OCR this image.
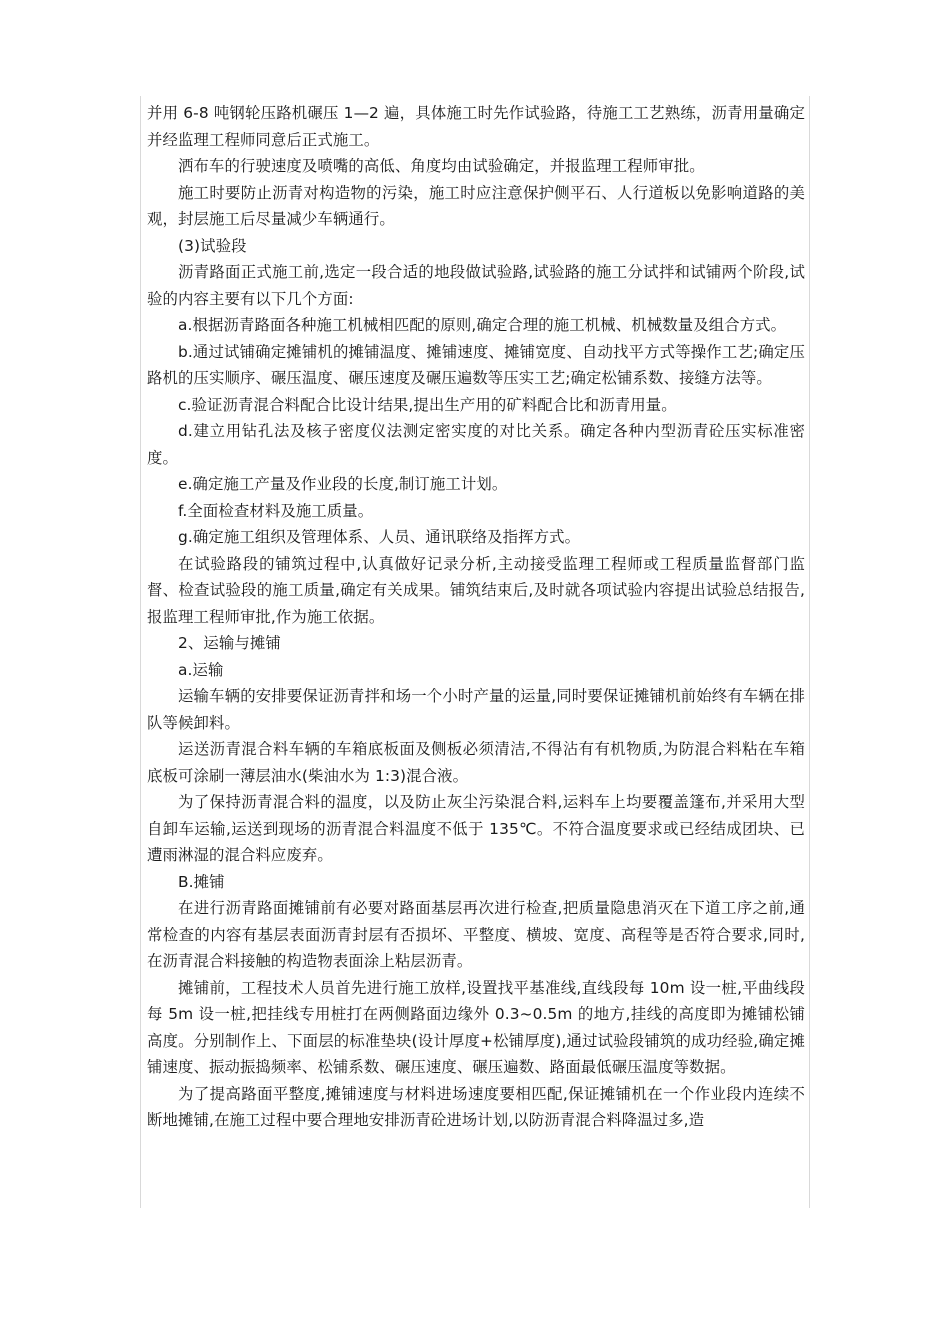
并用 6-8 吨钢轮压路机碾压 1—2 遍，具体施工时先作试验路，待施工工艺熟练，沥青用量确定并经监理工程师同意后正式施工。

洒布车的行驶速度及喷嘴的高低、角度均由试验确定，并报监理工程师审批。

施工时要防止沥青对构造物的污染，施工时应注意保护侧平石、人行道板以免影响道路的美观，封层施工后尽量减少车辆通行。

(3)试验段

沥青路面正式施工前,选定一段合适的地段做试验路,试验路的施工分试拌和试铺两个阶段,试验的内容主要有以下几个方面:

a.根据沥青路面各种施工机械相匹配的原则,确定合理的施工机械、机械数量及组合方式。

b.通过试铺确定摊铺机的摊铺温度、摊铺速度、摊铺宽度、自动找平方式等操作工艺;确定压路机的压实顺序、碾压温度、碾压速度及碾压遍数等压实工艺;确定松铺系数、接缝方法等。

c.验证沥青混合料配合比设计结果,提出生产用的矿料配合比和沥青用量。

d.建立用钻孔法及核子密度仪法测定密实度的对比关系。确定各种内型沥青砼压实标准密度。

e.确定施工产量及作业段的长度,制订施工计划。

f.全面检查材料及施工质量。

g.确定施工组织及管理体系、人员、通讯联络及指挥方式。

在试验路段的铺筑过程中,认真做好记录分析,主动接受监理工程师或工程质量监督部门监督、检查试验段的施工质量,确定有关成果。铺筑结束后,及时就各项试验内容提出试验总结报告,报监理工程师审批,作为施工依据。

2、运输与摊铺

a.运输

运输车辆的安排要保证沥青拌和场一个小时产量的运量,同时要保证摊铺机前始终有车辆在排队等候卸料。

运送沥青混合料车辆的车箱底板面及侧板必须清洁,不得沾有有机物质,为防混合料粘在车箱底板可涂刷一薄层油水(柴油水为 1:3)混合液。

为了保持沥青混合料的温度，以及防止灰尘污染混合料,运料车上均要覆盖篷布,并采用大型自卸车运输,运送到现场的沥青混合料温度不低于 135℃。不符合温度要求或已经结成团块、已遭雨淋湿的混合料应废弃。

B.摊铺

在进行沥青路面摊铺前有必要对路面基层再次进行检查,把质量隐患消灭在下道工序之前,通常检查的内容有基层表面沥青封层有否损坏、平整度、横坡、宽度、高程等是否符合要求,同时,在沥青混合料接触的构造物表面涂上粘层沥青。

摊铺前，工程技术人员首先进行施工放样,设置找平基准线,直线段每 10m 设一桩,平曲线段每 5m 设一桩,把挂线专用桩打在两侧路面边缘外 0.3~0.5m 的地方,挂线的高度即为摊铺松铺高度。分别制作上、下面层的标准垫块(设计厚度+松铺厚度),通过试验段铺筑的成功经验,确定摊铺速度、振动振捣频率、松铺系数、碾压速度、碾压遍数、路面最低碾压温度等数据。

为了提高路面平整度,摊铺速度与材料进场速度要相匹配,保证摊铺机在一个作业段内连续不断地摊铺,在施工过程中要合理地安排沥青砼进场计划,以防沥青混合料降温过多,造
